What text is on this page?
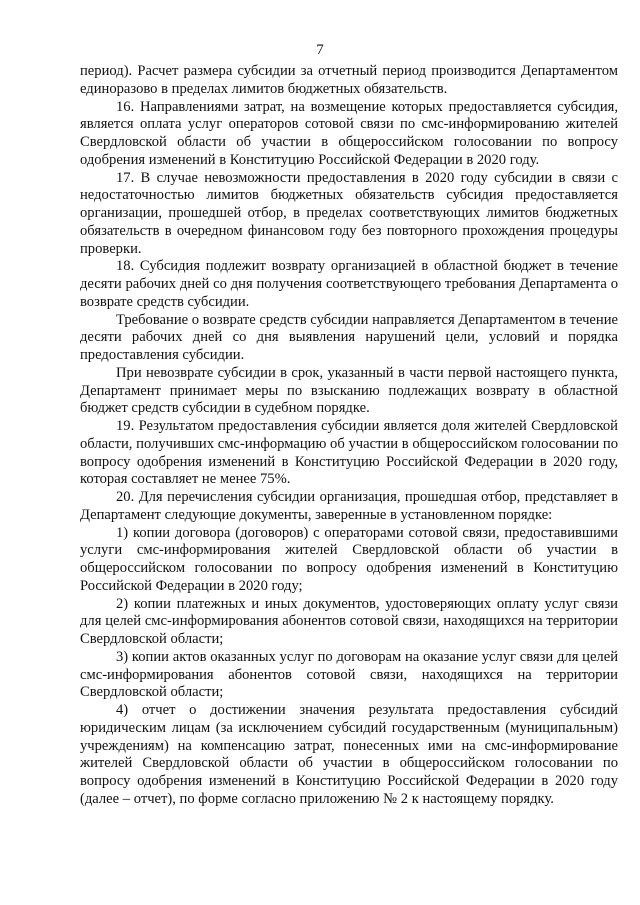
7

период). Расчет размера субсидии за отчетный период производится Департаментом единоразово в пределах лимитов бюджетных обязательств.

16. Направлениями затрат, на возмещение которых предоставляется субсидия, является оплата услуг операторов сотовой связи по смс-информированию жителей Свердловской области об участии в общероссийском голосовании по вопросу одобрения изменений в Конституцию Российской Федерации в 2020 году.

17. В случае невозможности предоставления в 2020 году субсидии в связи с недостаточностью лимитов бюджетных обязательств субсидия предоставляется организации, прошедшей отбор, в пределах соответствующих лимитов бюджетных обязательств в очередном финансовом году без повторного прохождения процедуры проверки.

18. Субсидия подлежит возврату организацией в областной бюджет в течение десяти рабочих дней со дня получения соответствующего требования Департамента о возврате средств субсидии.

Требование о возврате средств субсидии направляется Департаментом в течение десяти рабочих дней со дня выявления нарушений цели, условий и порядка предоставления субсидии.

При невозврате субсидии в срок, указанный в части первой настоящего пункта, Департамент принимает меры по взысканию подлежащих возврату в областной бюджет средств субсидии в судебном порядке.

19. Результатом предоставления субсидии является доля жителей Свердловской области, получивших смс-информацию об участии в общероссийском голосовании по вопросу одобрения изменений в Конституцию Российской Федерации в 2020 году, которая составляет не менее 75%.

20. Для перечисления субсидии организация, прошедшая отбор, представляет в Департамент следующие документы, заверенные в установленном порядке:

1) копии договора (договоров) с операторами сотовой связи, предоставившими услуги смс-информирования жителей Свердловской области об участии в общероссийском голосовании по вопросу одобрения изменений в Конституцию Российской Федерации в 2020 году;

2) копии платежных и иных документов, удостоверяющих оплату услуг связи для целей смс-информирования абонентов сотовой связи, находящихся на территории Свердловской области;

3) копии актов оказанных услуг по договорам на оказание услуг связи для целей смс-информирования абонентов сотовой связи, находящихся на территории Свердловской области;

4) отчет о достижении значения результата предоставления субсидий юридическим лицам (за исключением субсидий государственным (муниципальным) учреждениям) на компенсацию затрат, понесенных ими на смс-информирование жителей Свердловской области об участии в общероссийском голосовании по вопросу одобрения изменений в Конституцию Российской Федерации в 2020 году (далее – отчет), по форме согласно приложению № 2 к настоящему порядку.
